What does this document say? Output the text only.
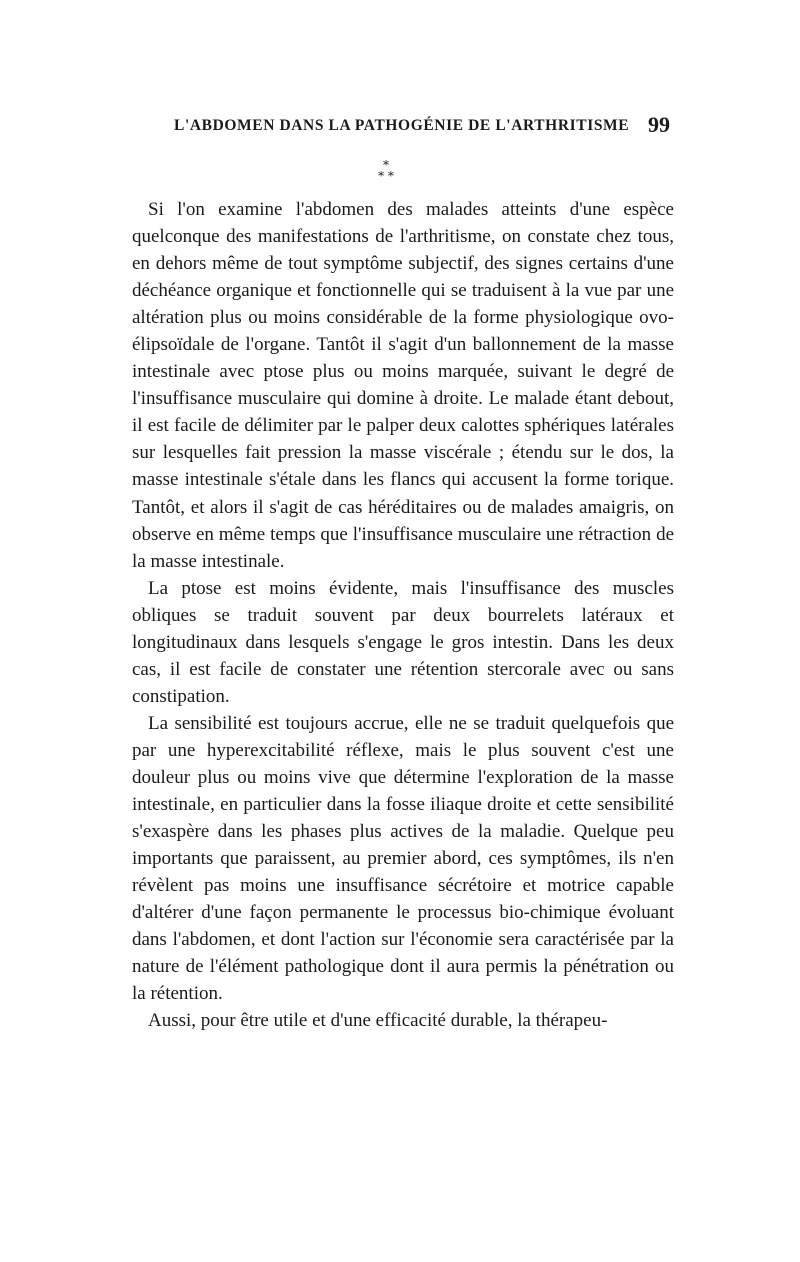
L'ABDOMEN DANS LA PATHOGÉNIE DE L'ARTHRITISME 99
*
* *

Si l'on examine l'abdomen des malades atteints d'une espèce quelconque des manifestations de l'arthritisme, on constate chez tous, en dehors même de tout symptôme subjectif, des signes certains d'une déchéance organique et fonctionnelle qui se traduisent à la vue par une altération plus ou moins considérable de la forme physiologique ovo-élipsoïdale de l'organe. Tantôt il s'agit d'un ballonnement de la masse intestinale avec ptose plus ou moins marquée, suivant le degré de l'insuffisance musculaire qui domine à droite. Le malade étant debout, il est facile de délimiter par le palper deux calottes sphériques latérales sur lesquelles fait pression la masse viscérale ; étendu sur le dos, la masse intestinale s'étale dans les flancs qui accusent la forme torique. Tantôt, et alors il s'agit de cas héréditaires ou de malades amaigris, on observe en même temps que l'insuffisance musculaire une rétraction de la masse intestinale.

La ptose est moins évidente, mais l'insuffisance des muscles obliques se traduit souvent par deux bourrelets latéraux et longitudinaux dans lesquels s'engage le gros intestin. Dans les deux cas, il est facile de constater une rétention stercorale avec ou sans constipation.

La sensibilité est toujours accrue, elle ne se traduit quelquefois que par une hyperexcitabilité réflexe, mais le plus souvent c'est une douleur plus ou moins vive que détermine l'exploration de la masse intestinale, en particulier dans la fosse iliaque droite et cette sensibilité s'exaspère dans les phases plus actives de la maladie. Quelque peu importants que paraissent, au premier abord, ces symptômes, ils n'en révèlent pas moins une insuffisance sécrétoire et motrice capable d'altérer d'une façon permanente le processus bio-chimique évoluant dans l'abdomen, et dont l'action sur l'économie sera caractérisée par la nature de l'élément pathologique dont il aura permis la pénétration ou la rétention.

Aussi, pour être utile et d'une efficacité durable, la thérapeu-
